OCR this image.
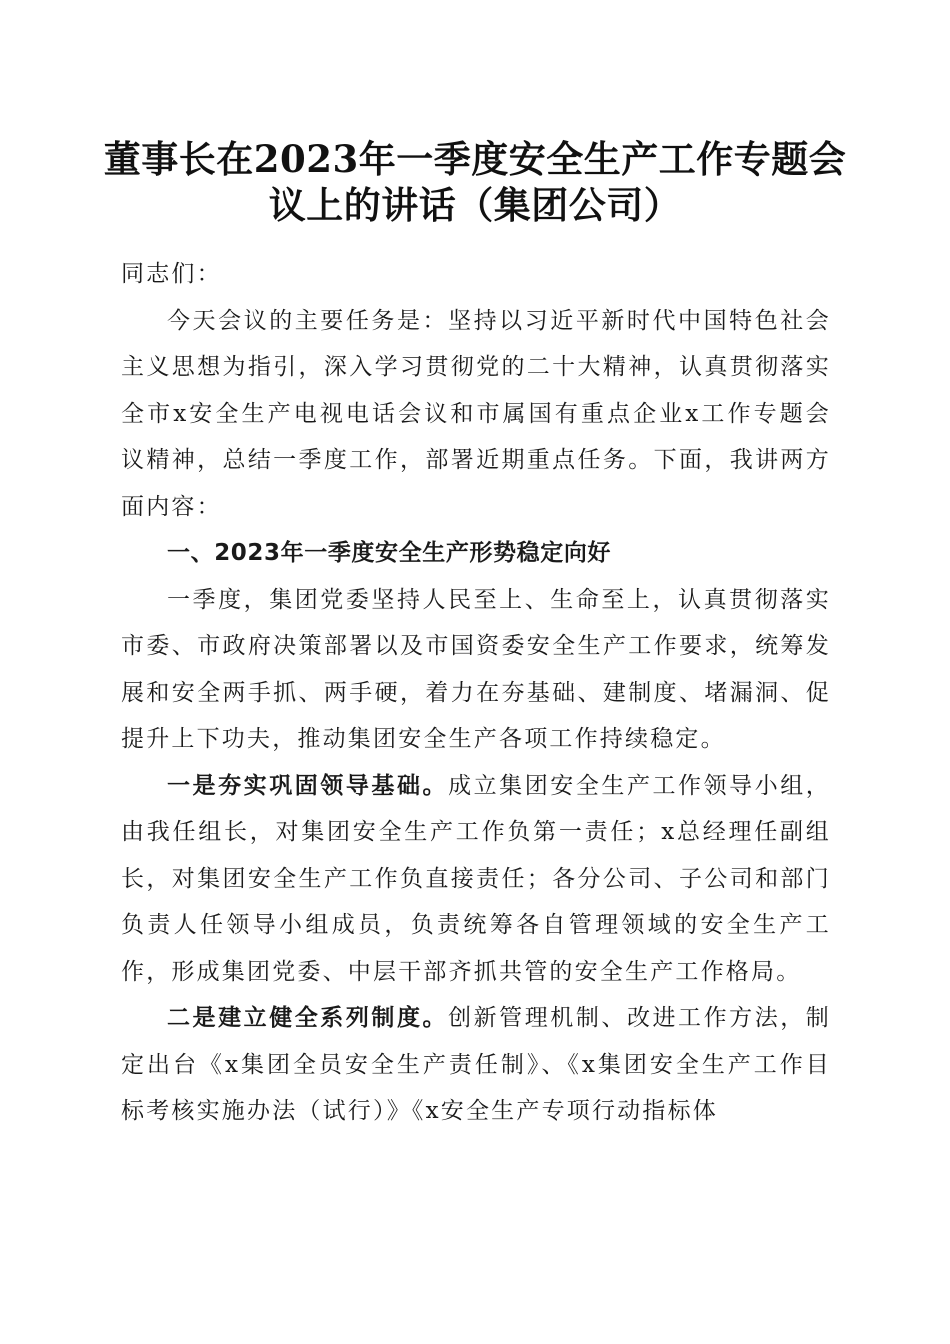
董事长在2023年一季度安全生产工作专题会
议上的讲话（集团公司）

同志们：

今天会议的主要任务是：坚持以习近平新时代中国特色社会主义思想为指引，深入学习贯彻党的二十大精神，认真贯彻落实全市x安全生产电视电话会议和市属国有重点企业x工作专题会议精神，总结一季度工作，部署近期重点任务。下面，我讲两方面内容：

一、2023年一季度安全生产形势稳定向好

一季度，集团党委坚持人民至上、生命至上，认真贯彻落实市委、市政府决策部署以及市国资委安全生产工作要求，统筹发展和安全两手抓、两手硬，着力在夯基础、建制度、堵漏洞、促提升上下功夫，推动集团安全生产各项工作持续稳定。

一是夯实巩固领导基础。成立集团安全生产工作领导小组，由我任组长，对集团安全生产工作负第一责任；x总经理任副组长，对集团安全生产工作负直接责任；各分公司、子公司和部门负责人任领导小组成员，负责统筹各自管理领域的安全生产工作，形成集团党委、中层干部齐抓共管的安全生产工作格局。

二是建立健全系列制度。创新管理机制、改进工作方法，制定出台《x集团全员安全生产责任制》、《x集团安全生产工作目标考核实施办法（试行）》《x安全生产专项行动指标体
